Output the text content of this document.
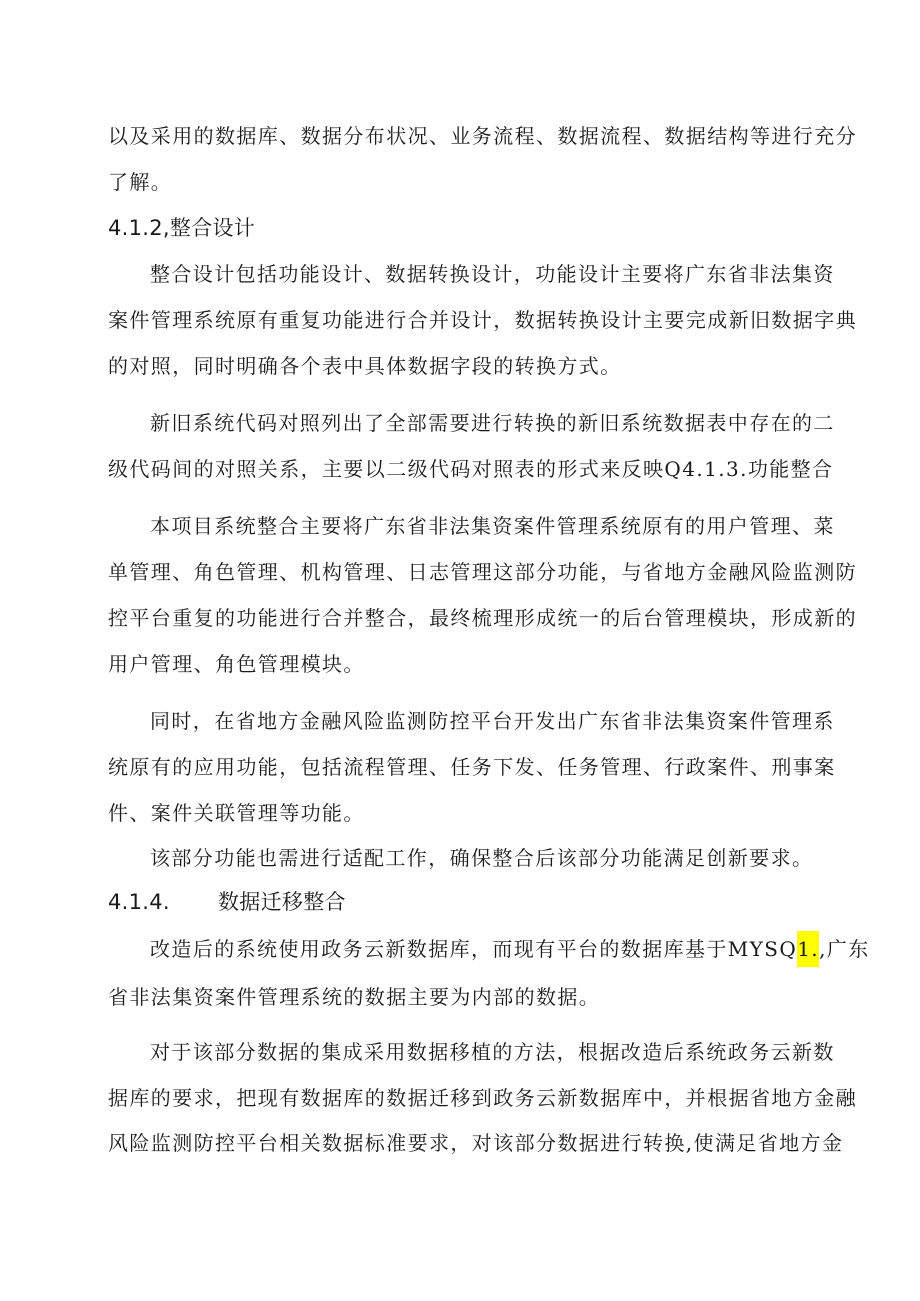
以及采用的数据库、数据分布状况、业务流程、数据流程、数据结构等进行充分
了解。
4.1.2,整合设计
整合设计包括功能设计、数据转换设计，功能设计主要将广东省非法集资
案件管理系统原有重复功能进行合并设计，数据转换设计主要完成新旧数据字典
的对照，同时明确各个表中具体数据字段的转换方式。
新旧系统代码对照列出了全部需要进行转换的新旧系统数据表中存在的二
级代码间的对照关系，主要以二级代码对照表的形式来反映Q4.1.3.功能整合
本项目系统整合主要将广东省非法集资案件管理系统原有的用户管理、菜
单管理、角色管理、机构管理、日志管理这部分功能，与省地方金融风险监测防
控平台重复的功能进行合并整合，最终梳理形成统一的后台管理模块，形成新的
用户管理、角色管理模块。
同时，在省地方金融风险监测防控平台开发出广东省非法集资案件管理系
统原有的应用功能，包括流程管理、任务下发、任务管理、行政案件、刑事案
件、案件关联管理等功能。
该部分功能也需进行适配工作，确保整合后该部分功能满足创新要求。
4.1.4. 数据迁移整合
改造后的系统使用政务云新数据库，而现有平台的数据库基于MYSQ1.,广东
省非法集资案件管理系统的数据主要为内部的数据。
对于该部分数据的集成采用数据移植的方法，根据改造后系统政务云新数
据库的要求，把现有数据库的数据迁移到政务云新数据库中，并根据省地方金融
风险监测防控平台相关数据标准要求，对该部分数据进行转换,使满足省地方金
